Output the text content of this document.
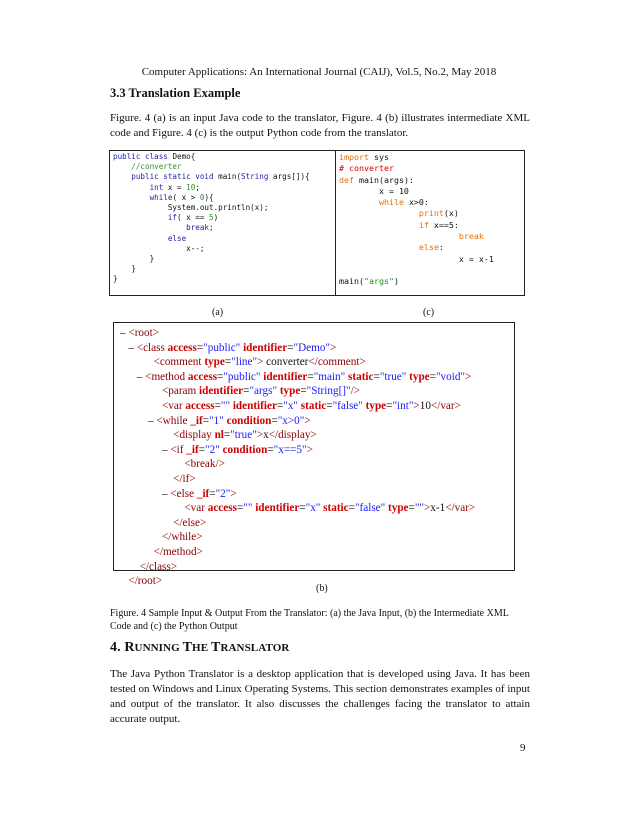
Computer Applications: An International Journal (CAIJ), Vol.5, No.2, May 2018
3.3 Translation Example
Figure. 4 (a) is an input Java code to the translator, Figure. 4 (b) illustrates intermediate XML code and Figure. 4 (c) is the output Python code from the translator.
public class Demo{
//converter
public static void main(String args[]){
int x = 10;
while( x > 0){
System.out.println(x);
if( x == 5)
break;
else
x--;
}
}
}
import sys
# converter
def main(args):
x = 10
while x>0:
print(x)
if x==5:
break
else:
x = x-1

main("args")
(a)	(c)
– <root>
– <class access="public" identifier="Demo">
<comment type="line"> converter</comment>
– <method access="public" identifier="main" static="true" type="void">
<param identifier="args" type="String[]"/>
<var access="" identifier="x" static="false" type="int">10</var>
– <while _if="1" condition="x>0">
<display nl="true">x</display>
– <if _if="2" condition="x==5">
<break/>
</if>
– <else _if="2">
<var access="" identifier="x" static="false" type="">x-1</var>
</else>
</while>
</method>
</class>
</root>
(b)
Figure. 4 Sample Input & Output From the Translator: (a) the Java Input, (b) the Intermediate XML Code and (c) the Python Output
4. RUNNING THE TRANSLATOR
The Java Python Translator is a desktop application that is developed using Java. It has been tested on Windows and Linux Operating Systems. This section demonstrates examples of input and output of the translator. It also discusses the challenges facing the translator to attain accurate output.
9
